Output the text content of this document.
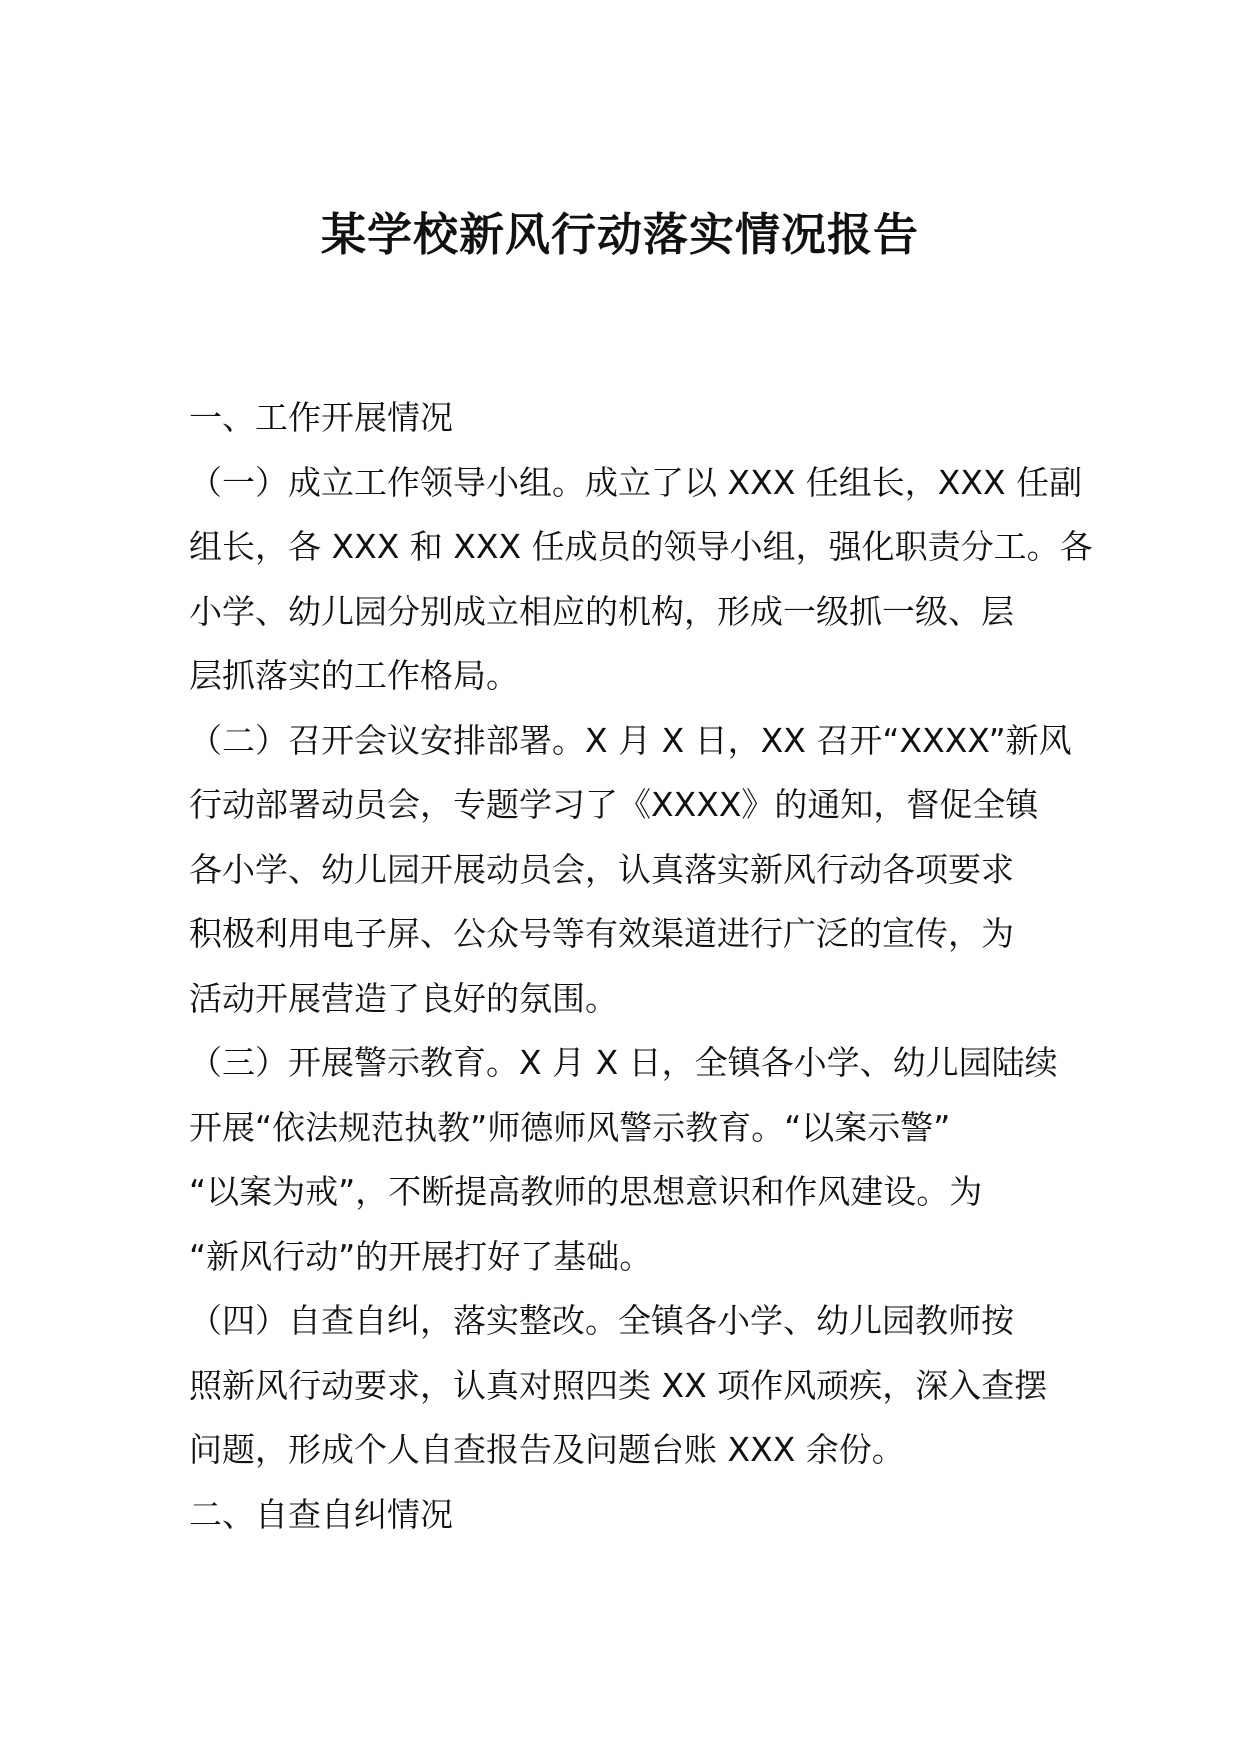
某学校新风行动落实情况报告
一、工作开展情况
（一）成立工作领导小组。成立了以 XXX 任组长，XXX 任副
组长，各 XXX 和 XXX 任成员的领导小组，强化职责分工。各
小学、幼儿园分别成立相应的机构，形成一级抓一级、层
层抓落实的工作格局。
（二）召开会议安排部署。X 月 X 日，XX 召开“XXXX”新风
行动部署动员会，专题学习了《XXXX》的通知，督促全镇
各小学、幼儿园开展动员会，认真落实新风行动各项要求
积极利用电子屏、公众号等有效渠道进行广泛的宣传，为
活动开展营造了良好的氛围。
（三）开展警示教育。X 月 X 日，全镇各小学、幼儿园陆续
开展“依法规范执教”师德师风警示教育。“以案示警”
“以案为戒”，不断提高教师的思想意识和作风建设。为
“新风行动”的开展打好了基础。
（四）自查自纠，落实整改。全镇各小学、幼儿园教师按
照新风行动要求，认真对照四类 XX 项作风顽疾，深入查摆
问题，形成个人自查报告及问题台账 XXX 余份。
二、自查自纠情况
